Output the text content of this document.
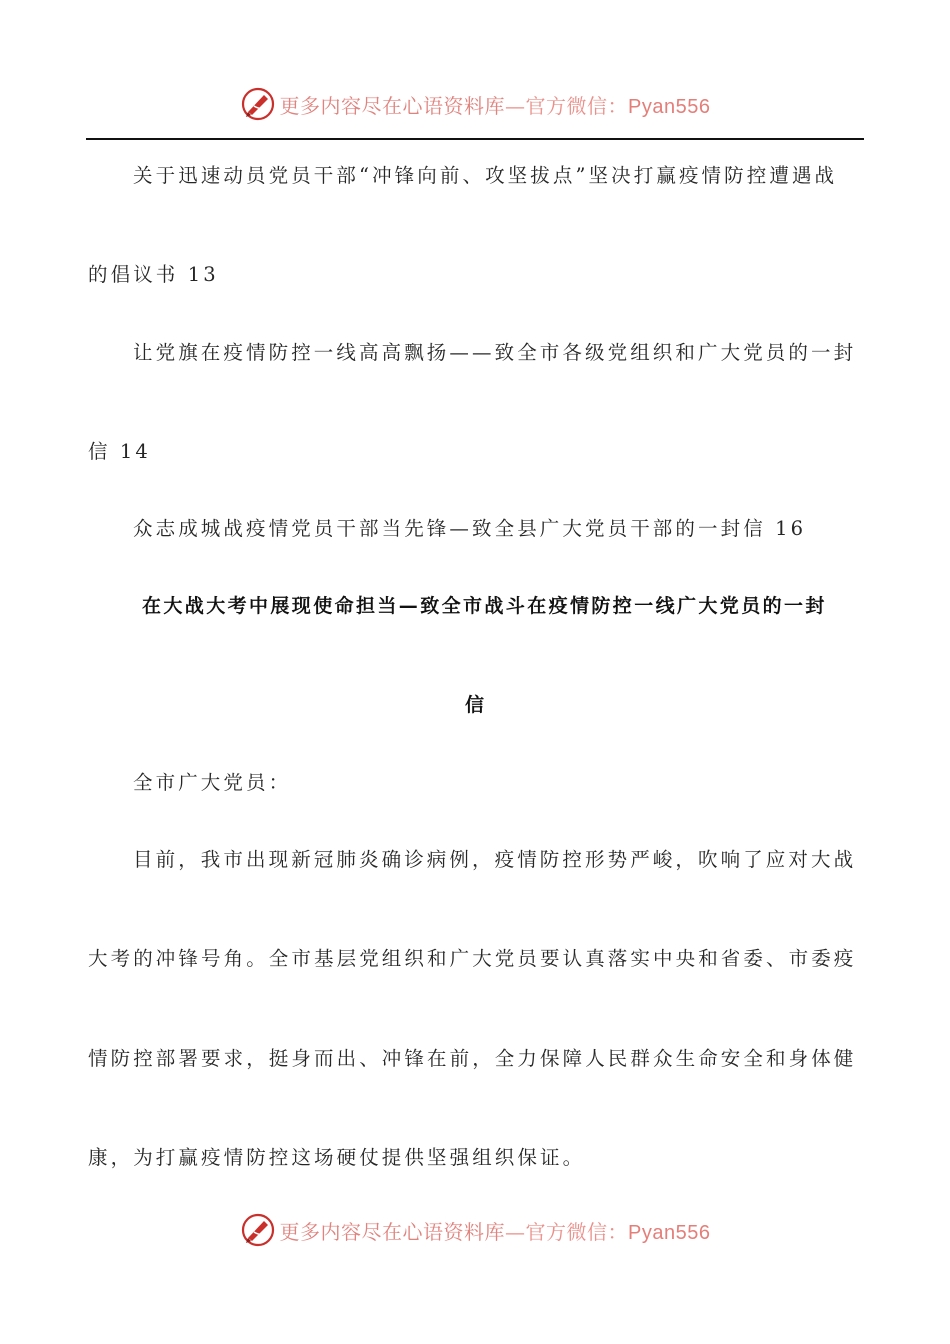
更多内容尽在心语资料库—官方微信：Pyan556
关于迅速动员党员干部“冲锋向前、攻坚拔点”坚决打赢疫情防控遭遇战
的倡议书 13
让党旗在疫情防控一线高高飘扬——致全市各级党组织和广大党员的一封
信 14
众志成城战疫情党员干部当先锋—致全县广大党员干部的一封信 16
在大战大考中展现使命担当—致全市战斗在疫情防控一线广大党员的一封
信
全市广大党员：
目前，我市出现新冠肺炎确诊病例，疫情防控形势严峻，吹响了应对大战
大考的冲锋号角。全市基层党组织和广大党员要认真落实中央和省委、市委疫
情防控部署要求，挺身而出、冲锋在前，全力保障人民群众生命安全和身体健
康，为打赢疫情防控这场硬仗提供坚强组织保证。
更多内容尽在心语资料库—官方微信：Pyan556
